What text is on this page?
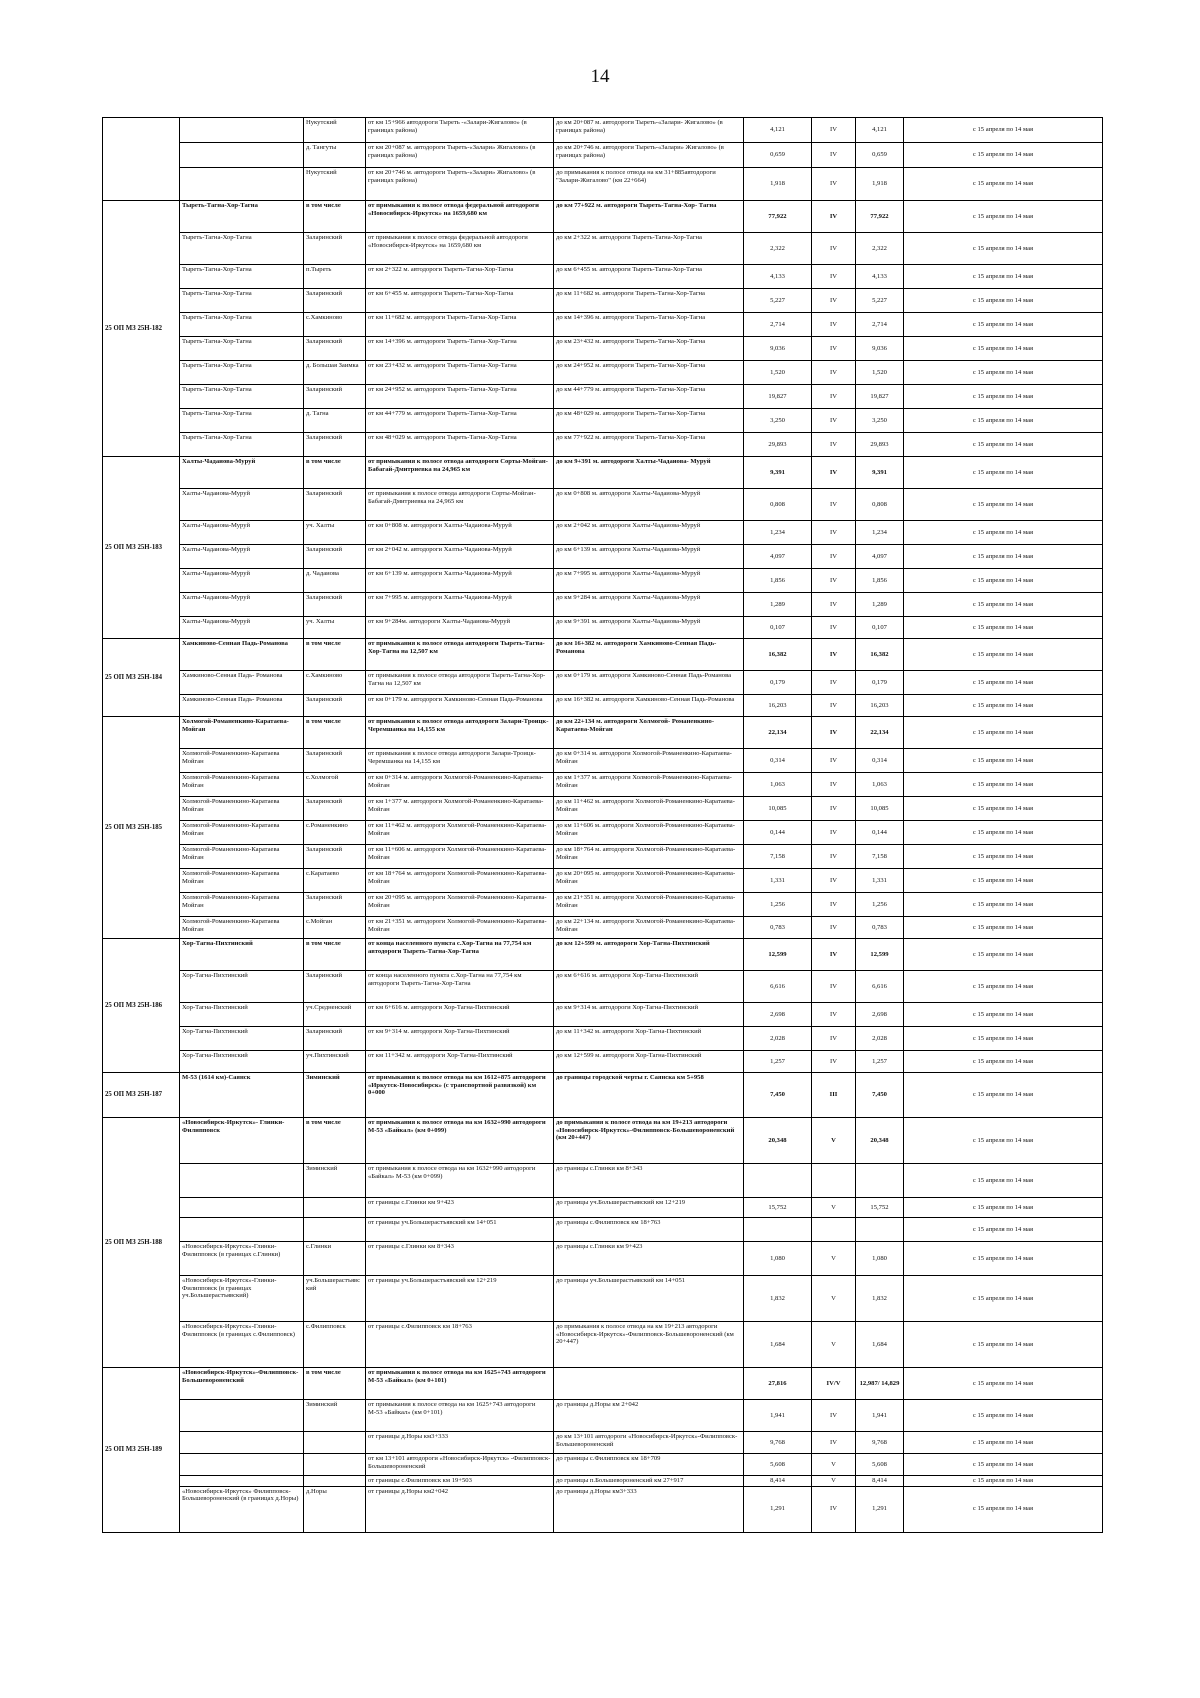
14
		Нукутский	от км 15+966 автодороги Тыреть -«Залари-Жигалово» (в границах района)	до км 20+087 м. автодороги Тыреть-«Залари- Жигалово» (в границах района)	4,121	IV	4,121	с 15 апреля по 14 мая
		д. Тангуты	от км 20+087 м. автодороги Тыреть-«Залари» Жигалово» (в границах района)	до км 20+746 м. автодороги Тыреть-«Залари» Жигалово» (в границах района)	0,659	IV	0,659	с 15 апреля по 14 мая
		Нукутский	от км 20+746 м. автодороги Тыреть-«Залари» Жигалово» (в границах района)	до примыкания к полосе отвода на км 31+885автодороги "Залари-Жигалово" (км 22+664)	1,918	IV	1,918	с 15 апреля по 14 мая
25 ОП МЗ 25Н-182	Тыреть-Тагна-Хор-Тагна	в том числе	от примыкания к полосе отвода федеральной автодороги «Новосибирск-Иркутск» на 1659,680 км	до км 77+922 м. автодороги Тыреть-Тагна-Хор- Тагна	77,922	IV	77,922	с 15 апреля по 14 мая
	Тыреть-Тагна-Хор-Тагна	Заларинский	от примыкания к полосе отвода федеральной автодороги «Новосибирск-Иркутск» на 1659,680 км	до км 2+322 м. автодороги Тыреть-Тагна-Хор-Тагна	2,322	IV	2,322	с 15 апреля по 14 мая
	Тыреть-Тагна-Хор-Тагна	п.Тыреть	от км 2+322 м. автодороги Тыреть-Тагна-Хор-Тагна	до км 6+455 м. автодороги Тыреть-Тагна-Хор-Тагна	4,133	IV	4,133	с 15 апреля по 14 мая
	Тыреть-Тагна-Хор-Тагна	Заларинский	от км 6+455 м. автодороги Тыреть-Тагна-Хор-Тагна	до км 11+682 м. автодороги Тыреть-Тагна-Хор-Тагна	5,227	IV	5,227	с 15 апреля по 14 мая
	Тыреть-Тагна-Хор-Тагна	с.Хамкиново	от км 11+682 м. автодороги Тыреть-Тагна-Хор-Тагна	до км 14+396 м. автодороги Тыреть-Тагна-Хор-Тагна	2,714	IV	2,714	с 15 апреля по 14 мая
	Тыреть-Тагна-Хор-Тагна	Заларинский	от км 14+396 м. автодороги Тыреть-Тагна-Хор-Тагна	до км 23+432 м. автодороги Тыреть-Тагна-Хор-Тагна	9,036	IV	9,036	с 15 апреля по 14 мая
	Тыреть-Тагна-Хор-Тагна	д. Большая Заимка	от км 23+432 м. автодороги Тыреть-Тагна-Хор-Тагна	до км 24+952 м. автодороги Тыреть-Тагна-Хор-Тагна	1,520	IV	1,520	с 15 апреля по 14 мая
	Тыреть-Тагна-Хор-Тагна	Заларинский	от км 24+952 м. автодороги Тыреть-Тагна-Хор-Тагна	до км 44+779 м. автодороги Тыреть-Тагна-Хор-Тагна	19,827	IV	19,827	с 15 апреля по 14 мая
	Тыреть-Тагна-Хор-Тагна	д. Тагна	от км 44+779 м. автодороги Тыреть-Тагна-Хор-Тагна	до км 48+029 м. автодороги Тыреть-Тагна-Хор-Тагна	3,250	IV	3,250	с 15 апреля по 14 мая
	Тыреть-Тагна-Хор-Тагна	Заларинский	от км 48+029 м. автодороги Тыреть-Тагна-Хор-Тагна	до км 77+922 м. автодороги Тыреть-Тагна-Хор-Тагна	29,893	IV	29,893	с 15 апреля по 14 мая
25 ОП МЗ 25Н-183	Халты-Чадаиова-Муруй	в том числе	от примыкания к полосе отвода автодороги Сорты-Мойган-Бабагай-Дмитриевка на 24,965 км	до км 9+391 м. автодороги Халты-Чадаиова- Муруй	9,391	IV	9,391	с 15 апреля по 14 мая
	Халты-Чадаиова-Муруй	Заларинский	от примыкания к полосе отвода автодороги Сорты-Мойган-Бабагай-Дмитриевка на 24,965 км	до км 0+808 м. автодороги Халты-Чадаиова-Муруй	0,808	IV	0,808	с 15 апреля по 14 мая
	Халты-Чадаиова-Муруй	уч. Халты	от км 0+808 м. автодороги Халты-Чадаиова-Муруй	до км 2+042 м. автодороги Халты-Чадаиова-Муруй	1,234	IV	1,234	с 15 апреля по 14 мая
	Халты-Чадаиова-Муруй	Заларинский	от км 2+042 м. автодороги Халты-Чадаиова-Муруй	до км 6+139 м. автодороги Халты-Чадаиова-Муруй	4,097	IV	4,097	с 15 апреля по 14 мая
	Халты-Чадаиова-Муруй	д. Чадаиова	от км 6+139 м. автодороги Халты-Чадаиова-Муруй	до км 7+995 м. автодороги Халты-Чадаиова-Муруй	1,856	IV	1,856	с 15 апреля по 14 мая
	Халты-Чадаиова-Муруй	Заларинский	от км 7+995 м. автодороги Халты-Чадаиова-Муруй	до км 9+284 м. автодороги Халты-Чадаиова-Муруй	1,289	IV	1,289	с 15 апреля по 14 мая
	Халты-Чадаиова-Муруй	уч. Халты	от км 9+284м. автодороги Халты-Чадаиова-Муруй	до км 9+391 м. автодороги Халты-Чадаиова-Муруй	0,107	IV	0,107	с 15 апреля по 14 мая
25 ОП МЗ 25Н-184	Хамкиново-Сенная Падь-Романова	в том числе	от примыкания к полосе отвода автодороги Тыреть-Тагна-Хор-Тагна на 12,507 км	до км 16+382 м. автодороги Хамкиново-Сенная Падь-Романова	16,382	IV	16,382	с 15 апреля по 14 мая
	Хамкиново-Сенная Падь- Романова	с.Хамкиново	от примыкания к полосе отвода автодороги Тыреть-Тагна-Хор-Тагна на 12,507 км	до км 0+179 м. автодороги Хамкиново-Сенная Падь-Романова	0,179	IV	0,179	с 15 апреля по 14 мая
	Хамкиново-Сенная Падь- Романова	Заларинский	от км 0+179 м. автодороги Хамкиново-Сенная Падь-Романова	до км 16+382 м. автодороги Хамкиново-Сенная Падь-Романова	16,203	IV	16,203	с 15 апреля по 14 мая
25 ОП МЗ 25Н-185	Холмогой-Романенкино-Каратаева-Мойган	в том числе	от примыкания к полосе отвода автодороги Залари-Троицк-Черемшанка на 14,155 км	до км 22+134 м. автодороги Холмогой- Романенкино-Каратаева-Мойган	22,134	IV	22,134	с 15 апреля по 14 мая
	Холмогой-Романенкино-Каратаева Мойган	Заларинский	от примыкания к полосе отвода автодороги Залари-Троицк-Черемшанка на 14,155 км	до км 0+314 м. автодороги Холмогой-Романенкино-Каратаева-Мойган	0,314	IV	0,314	с 15 апреля по 14 мая
	Холмогой-Романенкино-Каратаева Мойган	с.Холмогой	от км 0+314 м. автодороги Холмогой-Романенкино-Каратаева-Мойган	до км 1+377 м. автодороги Холмогой-Романенкино-Каратаева-Мойган	1,063	IV	1,063	с 15 апреля по 14 мая
	Холмогой-Романенкино-Каратаева Мойган	Заларинский	от км 1+377 м. автодороги Холмогой-Романенкино-Каратаева-Мойган	до км 11+462 м. автодороги Холмогой-Романенкино-Каратаева-Мойган	10,085	IV	10,085	с 15 апреля по 14 мая
	Холмогой-Романенкино-Каратаева Мойган	с.Романенкино	от км 11+462 м. автодороги Холмогой-Романенкино-Каратаева-Мойган	до км 11+606 м. автодороги Холмогой-Романенкино-Каратаева-Мойган	0,144	IV	0,144	с 15 апреля по 14 мая
	Холмогой-Романенкино-Каратаева Мойган	Заларинский	от км 11+606 м. автодороги Холмогой-Романенкино-Каратаева-Мойган	до км 18+764 м. автодороги Холмогой-Романенкино-Каратаева-Мойган	7,158	IV	7,158	с 15 апреля по 14 мая
	Холмогой-Романенкино-Каратаева Мойган	с.Каратаево	от км 18+764 м. автодороги Холмогой-Романенкино-Каратаева-Мойган	до км 20+095 м. автодороги Холмогой-Романенкино-Каратаева-Мойган	1,331	IV	1,331	с 15 апреля по 14 мая
	Холмогой-Романенкино-Каратаева Мойган	Заларинский	от км 20+095 м. автодороги Холмогой-Романенкино-Каратаева-Мойган	до км 21+351 м. автодороги Холмогой-Романенкино-Каратаева-Мойган	1,256	IV	1,256	с 15 апреля по 14 мая
	Холмогой-Романенкино-Каратаева Мойган	с.Мойган	от км 21+351 м. автодороги Холмогой-Романенкино-Каратаева-Мойган	до км 22+134 м. автодороги Холмогой-Романенкино-Каратаева-Мойган	0,783	IV	0,783	с 15 апреля по 14 мая
25 ОП МЗ 25Н-186	Хор-Тагна-Пихтинский	в том числе	от конца населенного пункта с.Хор-Тагна на 77,754 км автодороги Тыреть-Тагна-Хор-Тагна	до км 12+599 м. автодороги Хор-Тагна-Пихтинский	12,599	IV	12,599	с 15 апреля по 14 мая
	Хор-Тагна-Пихтинский	Заларинский	от конца населенного пункта с.Хор-Тагна на 77,754 км автодороги Тыреть-Тагна-Хор-Тагна	до км 6+616 м. автодороги Хор-Тагна-Пихтинский	6,616	IV	6,616	с 15 апреля по 14 мая
	Хор-Тагна-Пихтинский	уч.Средненский	от км 6+616 м. автодороги Хор-Тагна-Пихтинский	до км 9+314 м. автодороги Хор-Тагна-Пихтинский	2,698	IV	2,698	с 15 апреля по 14 мая
	Хор-Тагна-Пихтинский	Заларинский	от км 9+314 м. автодороги Хор-Тагна-Пихтинский	до км 11+342 м. автодороги Хор-Тагна-Пихтинский	2,028	IV	2,028	с 15 апреля по 14 мая
	Хор-Тагна-Пихтинский	уч.Пихтинский	от км 11+342 м. автодороги Хор-Тагна-Пихтинский	до км 12+599 м. автодороги Хор-Тагна-Пихтинский	1,257	IV	1,257	с 15 апреля по 14 мая
25 ОП МЗ 25Н-187	М-53 (1614 км)-Саянск	Зиминский	от примыкания к полосе отвода на км 1612+875 автодороги «Иркутск-Новосибирск» (с транспортной развязкой) км 0+000	до границы городской черты г. Саянска км 5+958	7,450	III	7,450	с 15 апреля по 14 мая
25 ОП МЗ 25Н-188	«Новосибирск-Иркутск»- Глинки-Филипповск	в том числе	от примыкания к полосе отвода на км 1632+990 автодороги М-53 «Байкал» (км 0+099)	до примыкания к полосе отвода на км 19+213 автодороги «Новосибирск-Иркутск»-Филипповск-Большевороненский (км 20+447)	20,348	V	20,348	с 15 апреля по 14 мая
		Зиминский	от примыкания к полосе отвода на км 1632+990 автодороги «Байкал» М-53 (км 0+099)	до границы с.Глинки км 8+343				с 15 апреля по 14 мая
			от границы с.Глинки км 9+423	до границы уч.Большерастъявский км 12+219	15,752	V	15,752	с 15 апреля по 14 мая
			от границы уч.Большерастъявский км 14+051	до границы с.Филипповск км 18+763				с 15 апреля по 14 мая
	«Новосибирск-Иркутск»-Глинки-Филипповск (в границах с.Глинки)	с.Глинки	от границы с.Глинки км 8+343	до границы с.Глинки км 9+423	1,080	V	1,080	с 15 апреля по 14 мая
	«Новосибирск-Иркутск»-Глинки-Филипповск (в границах уч.Большерастъявский)	уч.Большерастъявский	от границы уч.Большерастъявский км 12+219	до границы уч.Большерастъявский км 14+051	1,832	V	1,832	с 15 апреля по 14 мая
	«Новосибирск-Иркутск»-Глинки-Филипповск (в границах с.Филипповск)	с.Филипповск	от границы с.Филипповск км 18+763	до примыкания к полосе отвода на км 19+213 автодороги «Новосибирск-Иркутск»-Филипповск-Большевороненский (км 20+447)	1,684	V	1,684	с 15 апреля по 14 мая
25 ОП МЗ 25Н-189	«Новосибирск-Иркутск»-Филипповск-Большевороненский	в том числе	от примыкания к полосе отвода на км 1625+743 автодороги М-53 «Байкал» (км 0+101)		27,816	IV/V	12,987/ 14,829	с 15 апреля по 14 мая
		Зиминский	от примыкания к полосе отвода на км 1625+743 автодороги М-53 «Байкал» (км 0+101)	до границы д.Норы км 2+042	1,941	IV	1,941	с 15 апреля по 14 мая
			от границы д.Норы км3+333	до км 13+101 автодороги «Новосибирск-Иркутск»-Филипповск-Большевороненский	9,768	IV	9,768	с 15 апреля по 14 мая
			от км 13+101 автодороги «Новосибирск-Иркутск» -Филипповск-Большевороненский	до границы с.Филипповск км 18+709	5,608	V	5,608	с 15 апреля по 14 мая
			от границы с.Филипповск км 19+503	до границы п.Большевороненский км 27+917	8,414	V	8,414	с 15 апреля по 14 мая
	«Новосибирск-Иркутск» Филипповск-Большевороненский (в границах д.Норы)	д.Норы	от границы д.Норы км2+042	до границы д.Норы км3+333	1,291	IV	1,291	с 15 апреля по 14 мая
